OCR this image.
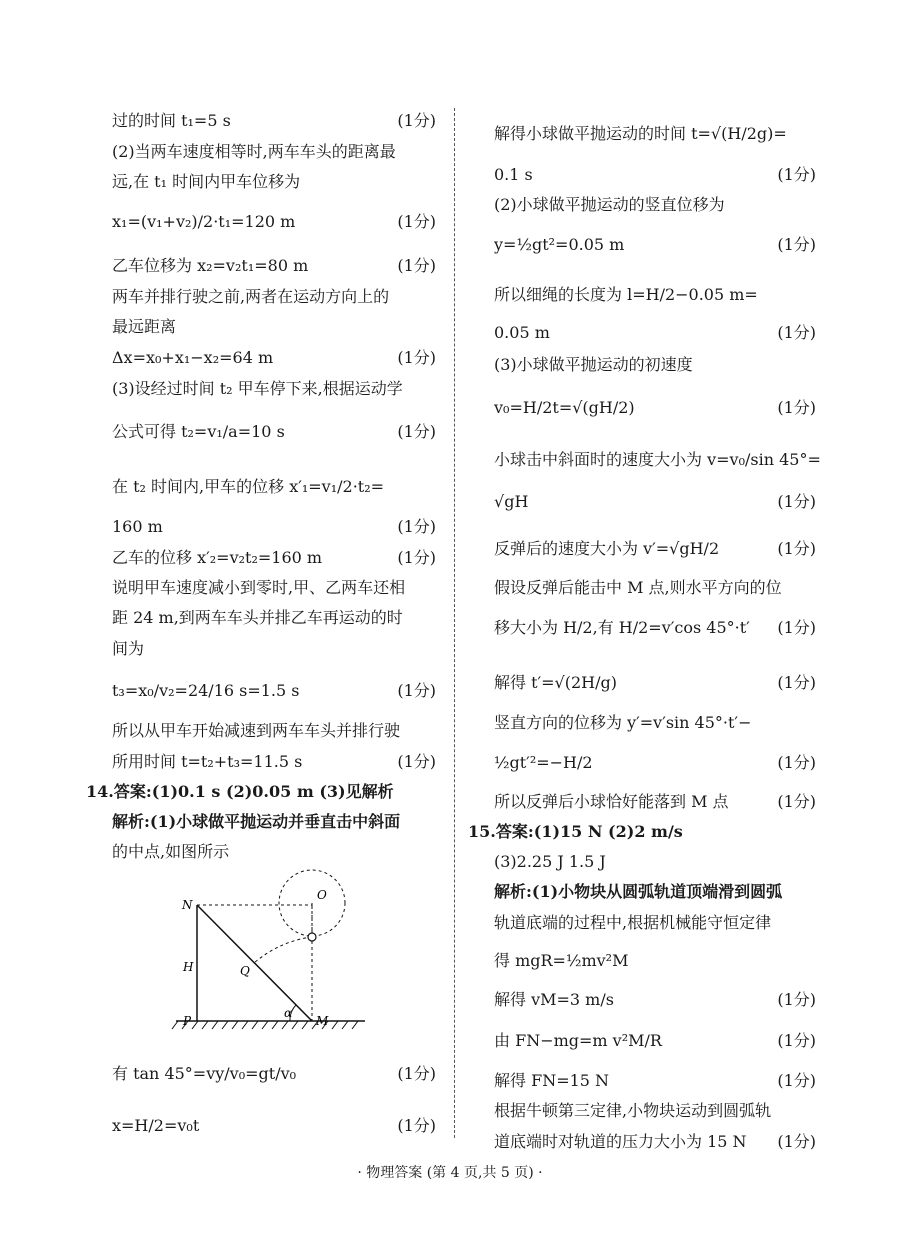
过的时间 t₁=5 s	(1分)
(2)当两车速度相等时,两车车头的距离最
远,在 t₁ 时间内甲车位移为
x₁=(v₁+v₂)/2·t₁=120 m	(1分)
乙车位移为 x₂=v₂t₁=80 m	(1分)
两车并排行驶之前,两者在运动方向上的
最远距离
Δx=x₀+x₁−x₂=64 m	(1分)
(3)设经过时间 t₂ 甲车停下来,根据运动学
公式可得 t₂=v₁/a=10 s	(1分)
在 t₂ 时间内,甲车的位移 x′₁=v₁/2·t₂=
160 m	(1分)
乙车的位移 x′₂=v₂t₂=160 m	(1分)
说明甲车速度减小到零时,甲、乙两车还相
距 24 m,到两车车头并排乙车再运动的时
间为
t₃=x₀/v₂=24/16 s=1.5 s	(1分)
所以从甲车开始减速到两车车头并排行驶
所用时间 t=t₂+t₃=11.5 s	(1分)
14.答案:(1)0.1 s (2)0.05 m (3)见解析
解析:(1)小球做平抛运动并垂直击中斜面
的中点,如图所示
有 tan 45°=vy/v₀=gt/v₀	(1分)
x=H/2=v₀t	(1分)
解得小球做平抛运动的时间 t=√(H/2g)=
0.1 s	(1分)
(2)小球做平抛运动的竖直位移为
y=½gt²=0.05 m	(1分)
所以细绳的长度为 l=H/2−0.05 m=
0.05 m	(1分)
(3)小球做平抛运动的初速度
v₀=H/2t=√(gH/2)	(1分)
小球击中斜面时的速度大小为 v=v₀/sin 45°=
√gH	(1分)
反弹后的速度大小为 v′=√gH/2	(1分)
假设反弹后能击中 M 点,则水平方向的位
移大小为 H/2,有 H/2=v′cos 45°·t′ (1分)
解得 t′=√(2H/g)	(1分)
竖直方向的位移为 y′=v′sin 45°·t′−
½gt′²=−H/2	(1分)
所以反弹后小球恰好能落到 M 点	(1分)
15.答案:(1)15 N (2)2 m/s
(3)2.25 J 1.5 J
解析:(1)小物块从圆弧轨道顶端滑到圆弧
轨道底端的过程中,根据机械能守恒定律
得 mgR=½mv²M
解得 vM=3 m/s	(1分)
由 FN−mg=m v²M/R	(1分)
解得 FN=15 N	(1分)
根据牛顿第三定律,小物块运动到圆弧轨
道底端时对轨道的压力大小为 15 N (1分)
N
O
H	Q
P
α
M
· 物理答案 (第 4 页,共 5 页) ·
